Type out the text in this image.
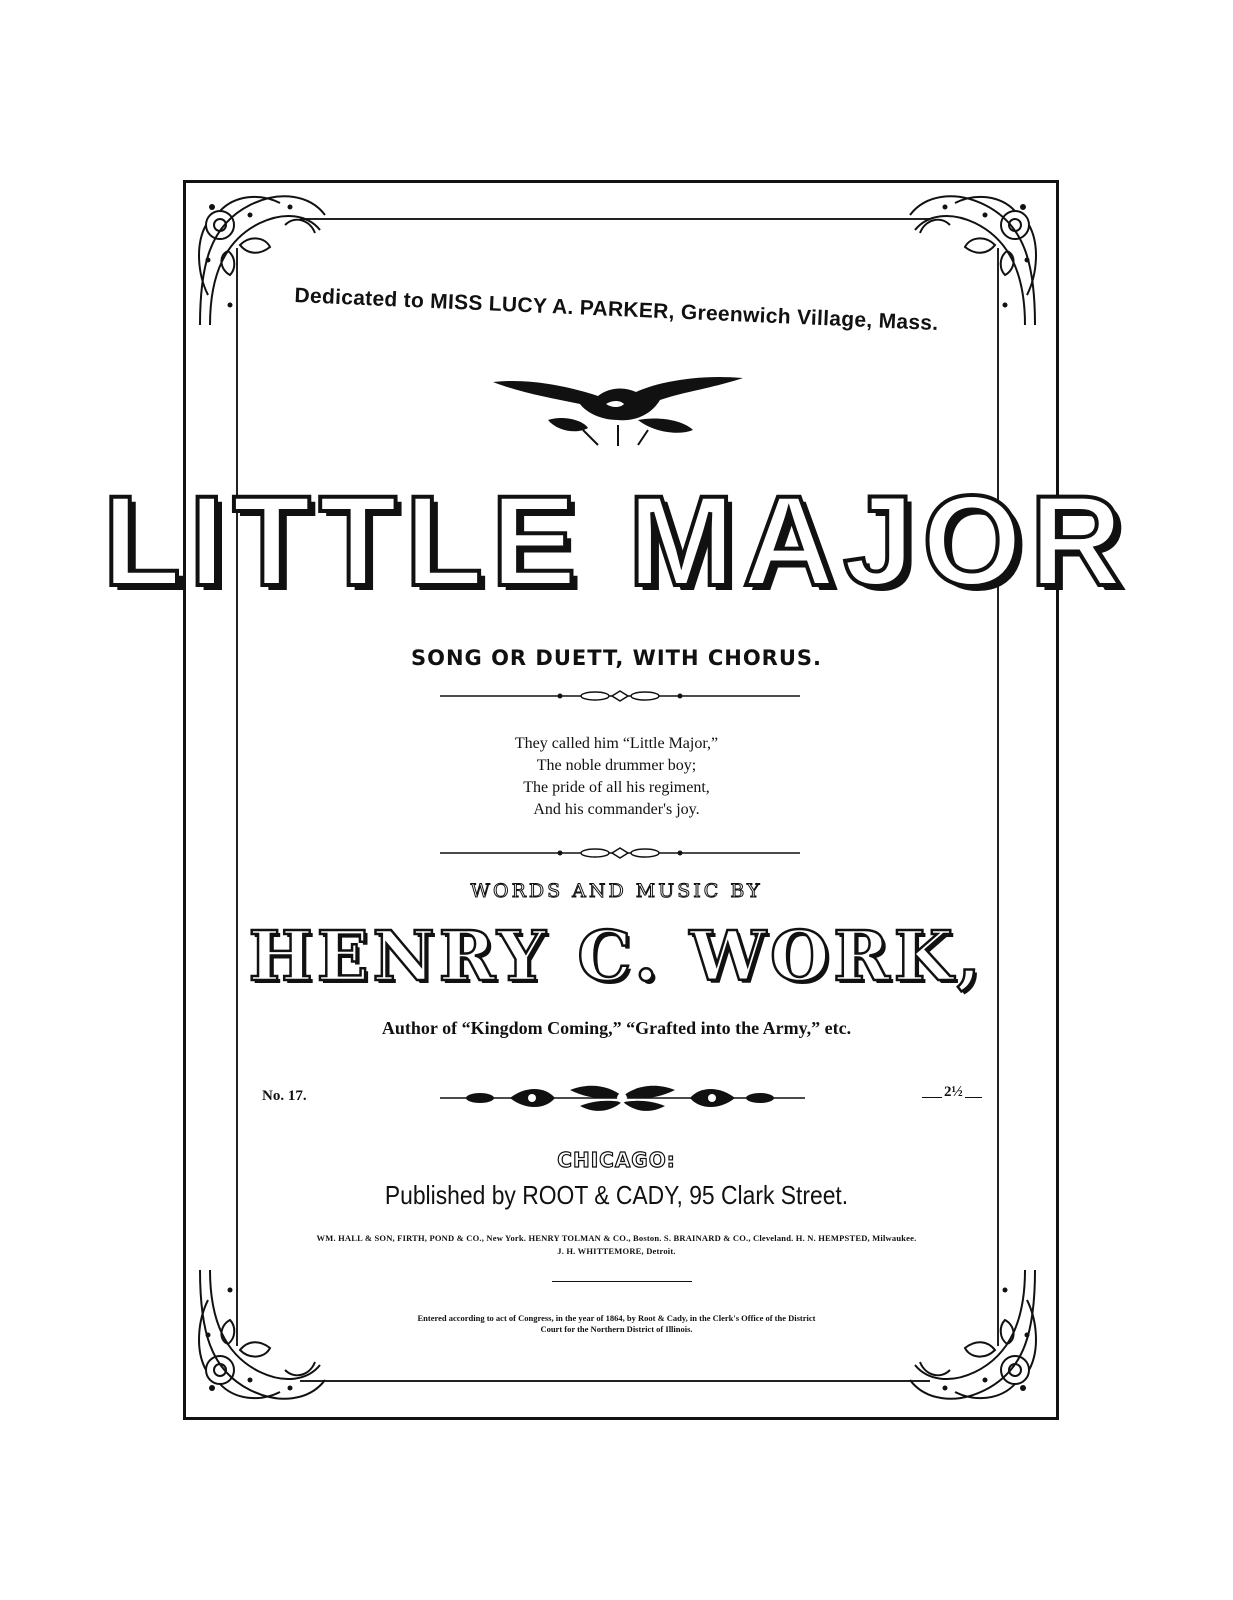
Dedicated to MISS LUCY A. PARKER, Greenwich Village, Mass.
LITTLE MAJOR
SONG OR DUETT, WITH CHORUS.
They called him “Little Major,”
The noble drummer boy;
The pride of all his regiment,
And his commander's joy.
WORDS AND MUSIC BY
HENRY C. WORK,
Author of “Kingdom Coming,” “Grafted into the Army,” etc.
No. 17.	2½
CHICAGO:
Published by ROOT & CADY, 95 Clark Street.
WM. HALL & SON, FIRTH, POND & CO., New York. HENRY TOLMAN & CO., Boston. S. BRAINARD & CO., Cleveland. H. N. HEMPSTED, Milwaukee.
J. H. WHITTEMORE, Detroit.
Entered according to act of Congress, in the year of 1864, by Root & Cady, in the Clerk's Office of the District
Court for the Northern District of Illinois.
